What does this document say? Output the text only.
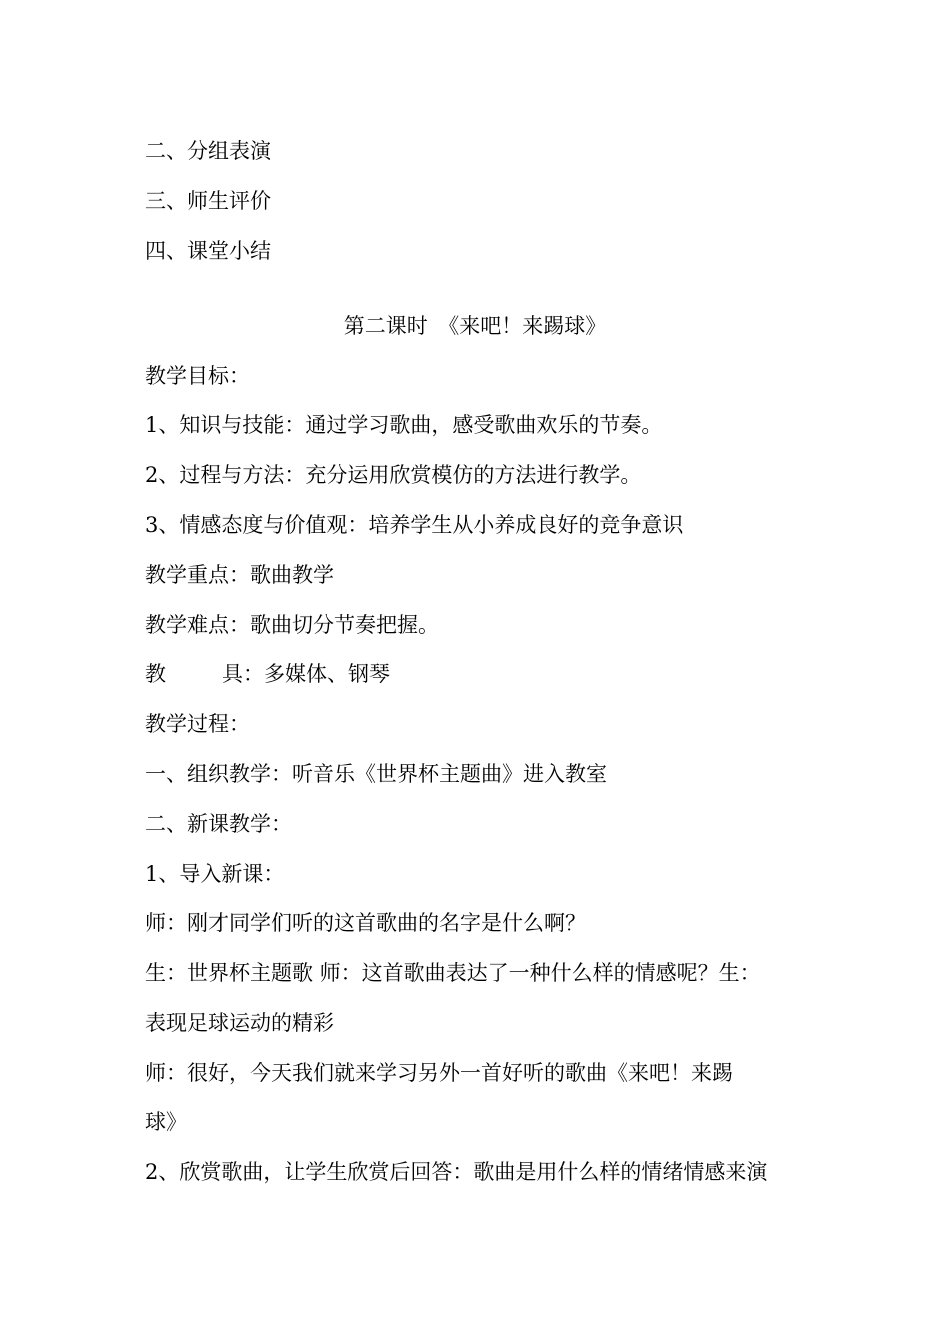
二、分组表演
三、师生评价
四、课堂小结
第二课时　《来吧！来踢球》
教学目标：
1、知识与技能：通过学习歌曲，感受歌曲欢乐的节奏。
2、过程与方法：充分运用欣赏模仿的方法进行教学。
3、情感态度与价值观：培养学生从小养成良好的竞争意识
教学重点：歌曲教学
教学难点：歌曲切分节奏把握。
教	具：多媒体、钢琴
教学过程：
一、组织教学：听音乐《世界杯主题曲》进入教室
二、新课教学：
1、导入新课：
师：刚才同学们听的这首歌曲的名字是什么啊？
生：世界杯主题歌 师：这首歌曲表达了一种什么样的情感呢？生：
表现足球运动的精彩
师：很好，今天我们就来学习另外一首好听的歌曲《来吧！来踢
球》
2、欣赏歌曲，让学生欣赏后回答：歌曲是用什么样的情绪情感来演
